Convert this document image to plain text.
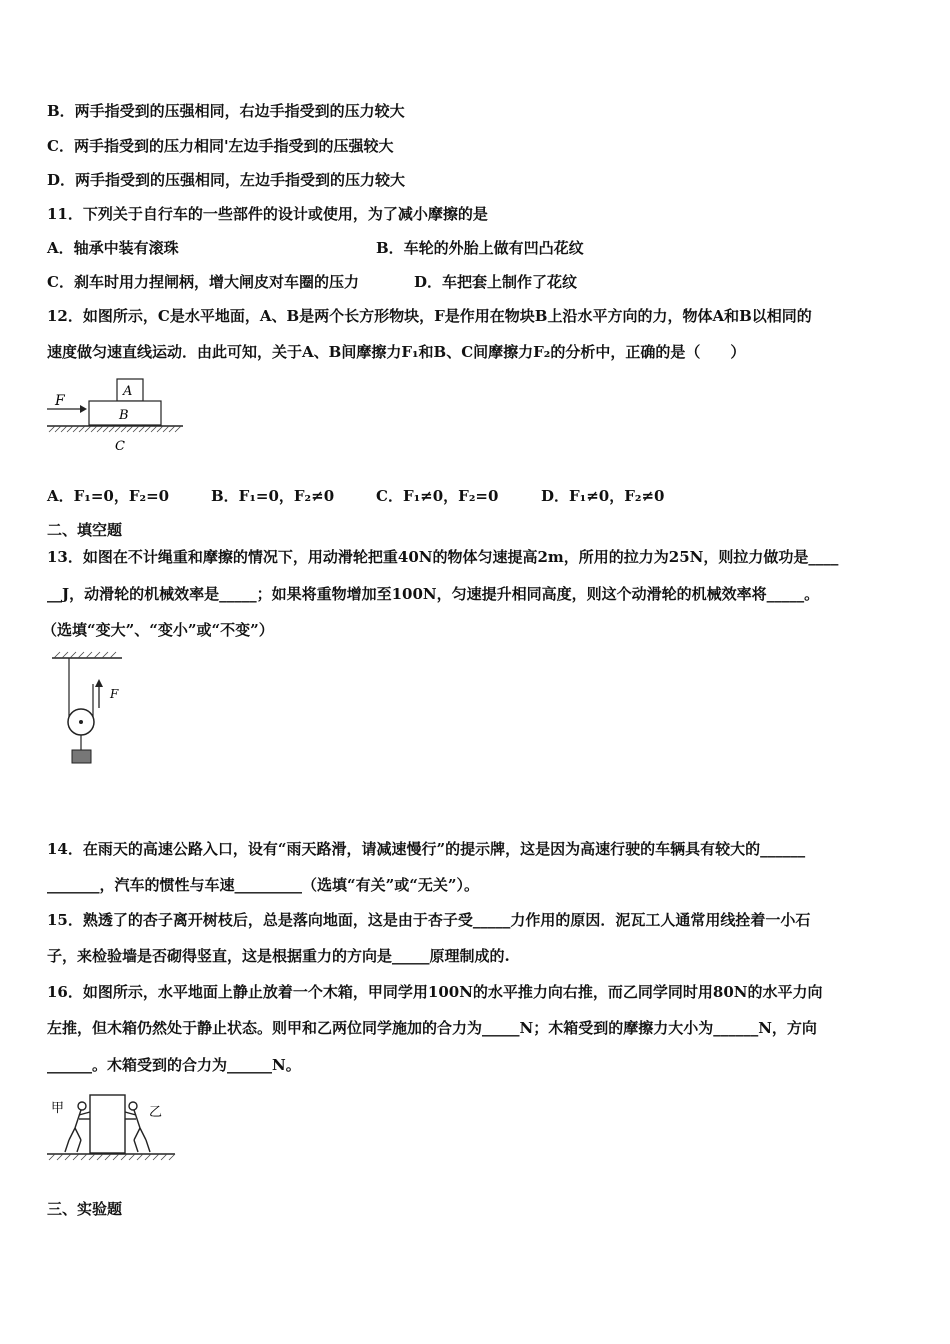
B．两手指受到的压强相同，右边手指受到的压力较大
C．两手指受到的压力相同'左边手指受到的压强较大
D．两手指受到的压强相同，左边手指受到的压力较大
11．下列关于自行车的一些部件的设计或使用，为了减小摩擦的是
A．轴承中装有滚珠	B．车轮的外胎上做有凹凸花纹
C．刹车时用力捏闸柄，增大闸皮对车圈的压力	D．车把套上制作了花纹
12．如图所示，C是水平地面，A、B是两个长方形物块，F是作用在物块B上沿水平方向的力，物体A和B以相同的
速度做匀速直线运动．由此可知，关于A、B间摩擦力F₁和B、C间摩擦力F₂的分析中，正确的是（　　）
F
A
B
C
A．F₁=0，F₂=0	B．F₁=0，F₂≠0	C．F₁≠0，F₂=0	D．F₁≠0，F₂≠0
二、填空题
13．如图在不计绳重和摩擦的情况下，用动滑轮把重40N的物体匀速提高2m，所用的拉力为25N，则拉力做功是____
__J，动滑轮的机械效率是_____；如果将重物增加至100N，匀速提升相同高度，则这个动滑轮的机械效率将_____。
（选填“变大”、“变小”或“不变”）
F
14．在雨天的高速公路入口，设有“雨天路滑，请减速慢行”的提示牌，这是因为高速行驶的车辆具有较大的______
_______，汽车的惯性与车速_________（选填“有关”或“无关”）。
15．熟透了的杏子离开树枝后，总是落向地面，这是由于杏子受_____力作用的原因．泥瓦工人通常用线拴着一小石
子，来检验墙是否砌得竖直，这是根据重力的方向是_____原理制成的.
16．如图所示，水平地面上静止放着一个木箱，甲同学用100N的水平推力向右推，而乙同学同时用80N的水平力向
左推，但木箱仍然处于静止状态。则甲和乙两位同学施加的合力为_____N；木箱受到的摩擦力大小为______N，方向
______。木箱受到的合力为______N。
甲	乙
三、实验题
